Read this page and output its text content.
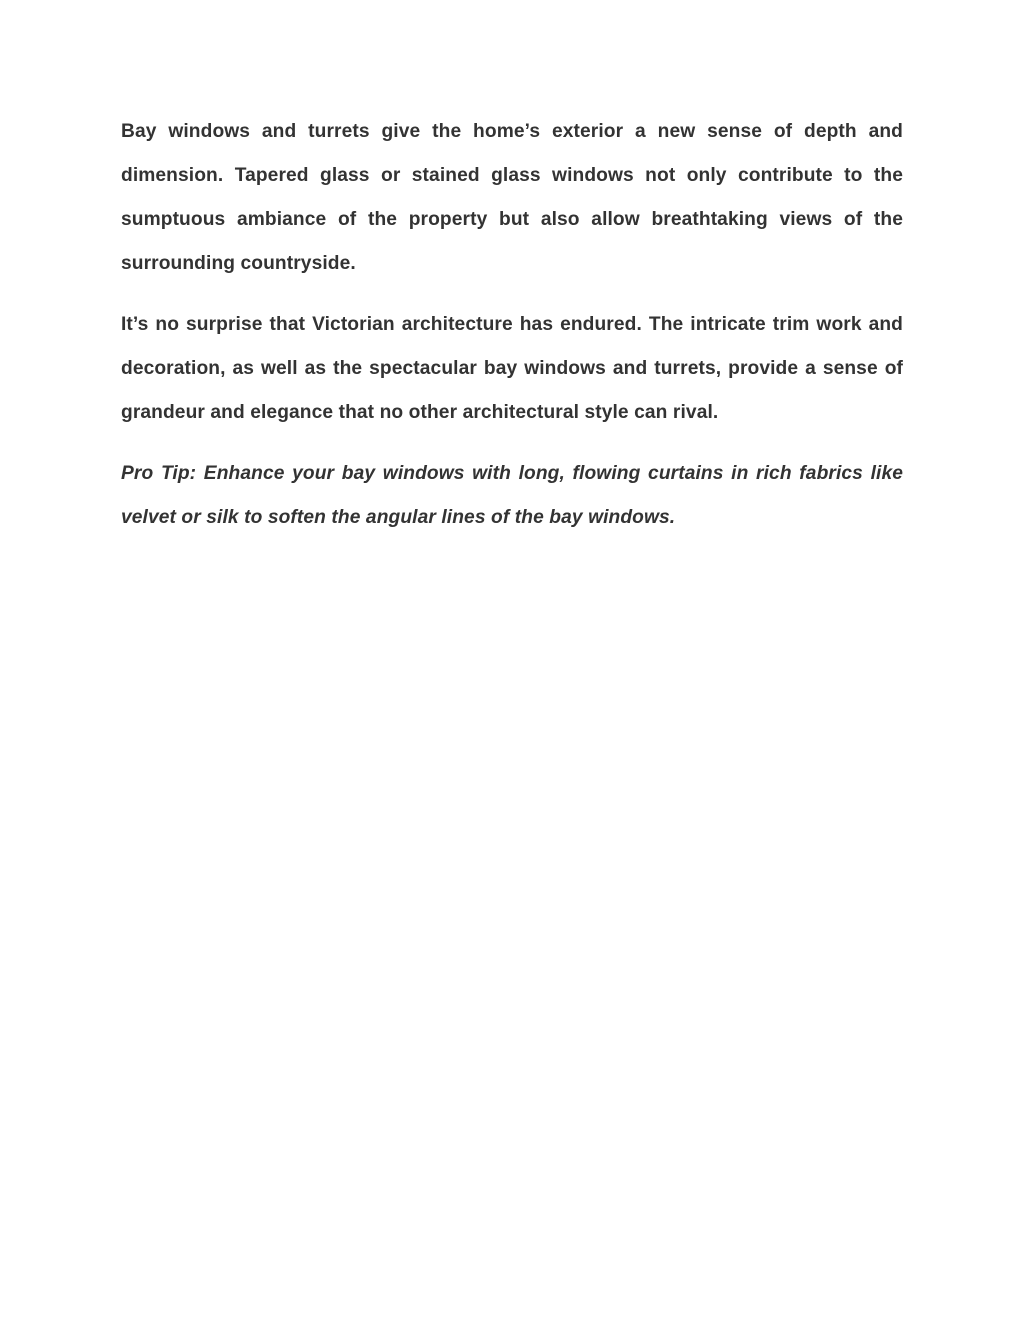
Bay windows and turrets give the home’s exterior a new sense of depth and dimension. Tapered glass or stained glass windows not only contribute to the sumptuous ambiance of the property but also allow breathtaking views of the surrounding countryside.

It’s no surprise that Victorian architecture has endured. The intricate trim work and decoration, as well as the spectacular bay windows and turrets, provide a sense of grandeur and elegance that no other architectural style can rival.

Pro Tip: Enhance your bay windows with long, flowing curtains in rich fabrics like velvet or silk to soften the angular lines of the bay windows.
